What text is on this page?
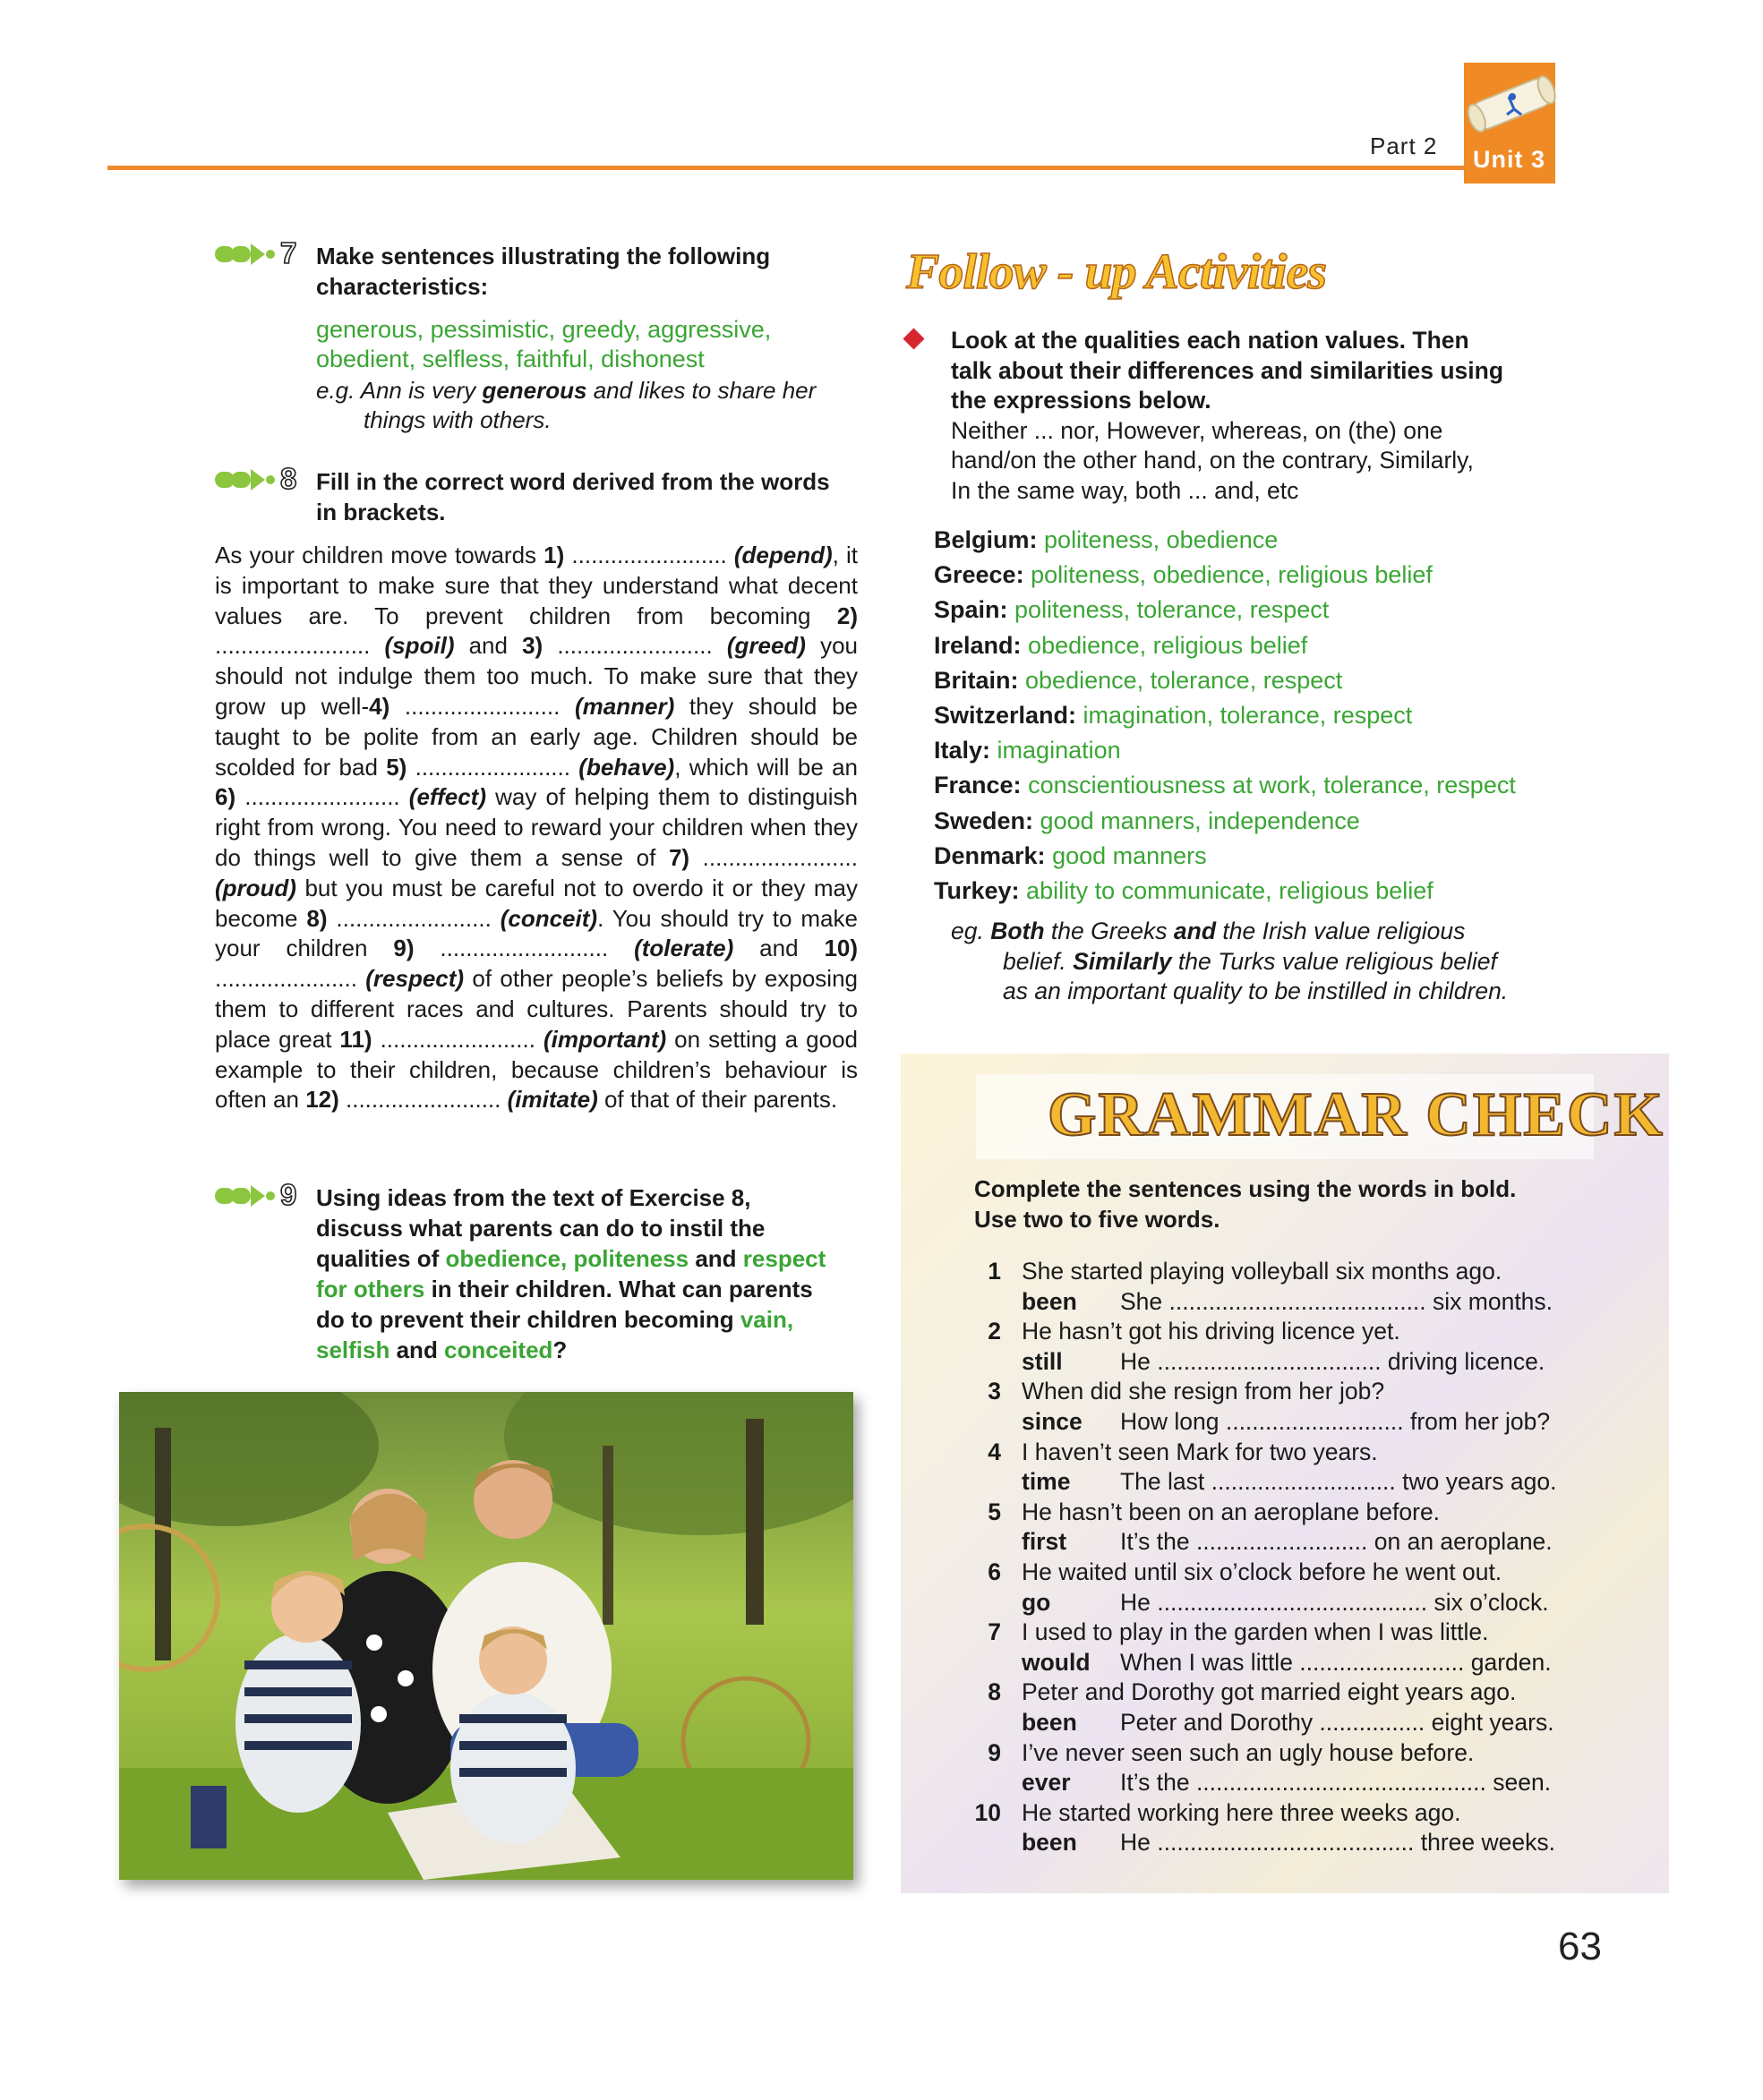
Part 2 Unit 3
7 Make sentences illustrating the following
characteristics:
generous, pessimistic, greedy, aggressive,
obedient, selfless, faithful, dishonest
e.g. Ann is very generous and likes to share her
things with others.
8 Fill in the correct word derived from the words
in brackets.
As your children move towards 1) ........................ (depend), it is important to make sure that they understand what decent values are. To prevent children from becoming 2) ........................ (spoil) and 3) ........................ (greed) you should not indulge them too much. To make sure that they grow up well-4) ........................ (manner) they should be taught to be polite from an early age. Children should be scolded for bad 5) ........................ (behave), which will be an 6) ........................ (effect) way of helping them to distinguish right from wrong. You need to reward your children when they do things well to give them a sense of 7) ........................ (proud) but you must be careful not to overdo it or they may become 8) ........................ (conceit). You should try to make your children 9) .......................... (tolerate) and 10) ...................... (respect) of other people’s beliefs by exposing them to different races and cultures. Parents should try to place great 11) ........................ (important) on setting a good example to their children, because children’s behaviour is often an 12) ........................ (imitate) of that of their parents.
9 Using ideas from the text of Exercise 8,
discuss what parents can do to instil the
qualities of obedience, politeness and respect
for others in their children. What can parents
do to prevent their children becoming vain,
selfish and conceited?
Follow - up Activities
Look at the qualities each nation values. Then
talk about their differences and similarities using
the expressions below.
Neither ... nor, However, whereas, on (the) one
hand/on the other hand, on the contrary, Similarly,
In the same way, both ... and, etc
Belgium: politeness, obedience
Greece: politeness, obedience, religious belief
Spain: politeness, tolerance, respect
Ireland: obedience, religious belief
Britain: obedience, tolerance, respect
Switzerland: imagination, tolerance, respect
Italy: imagination
France: conscientiousness at work, tolerance, respect
Sweden: good manners, independence
Denmark: good manners
Turkey: ability to communicate, religious belief
eg. Both the Greeks and the Irish value religious
belief. Similarly the Turks value religious belief
as an important quality to be instilled in children.
GRAMMAR CHECK
Complete the sentences using the words in bold.
Use two to five words.
1 She started playing volleyball six months ago.
been She ....................................... six months.
2 He hasn’t got his driving licence yet.
still He .................................. driving licence.
3 When did she resign from her job?
since How long ........................... from her job?
4 I haven’t seen Mark for two years.
time The last ............................ two years ago.
5 He hasn’t been on an aeroplane before.
first It’s the .......................... on an aeroplane.
6 He waited until six o’clock before he went out.
go	He ......................................... six o’clock.
7 I used to play in the garden when I was little.
would When I was little ......................... garden.
8 Peter and Dorothy got married eight years ago.
been Peter and Dorothy ................ eight years.
9 I’ve never seen such an ugly house before.
ever It’s the ............................................ seen.
10 He started working here three weeks ago.
been He ....................................... three weeks.
63
